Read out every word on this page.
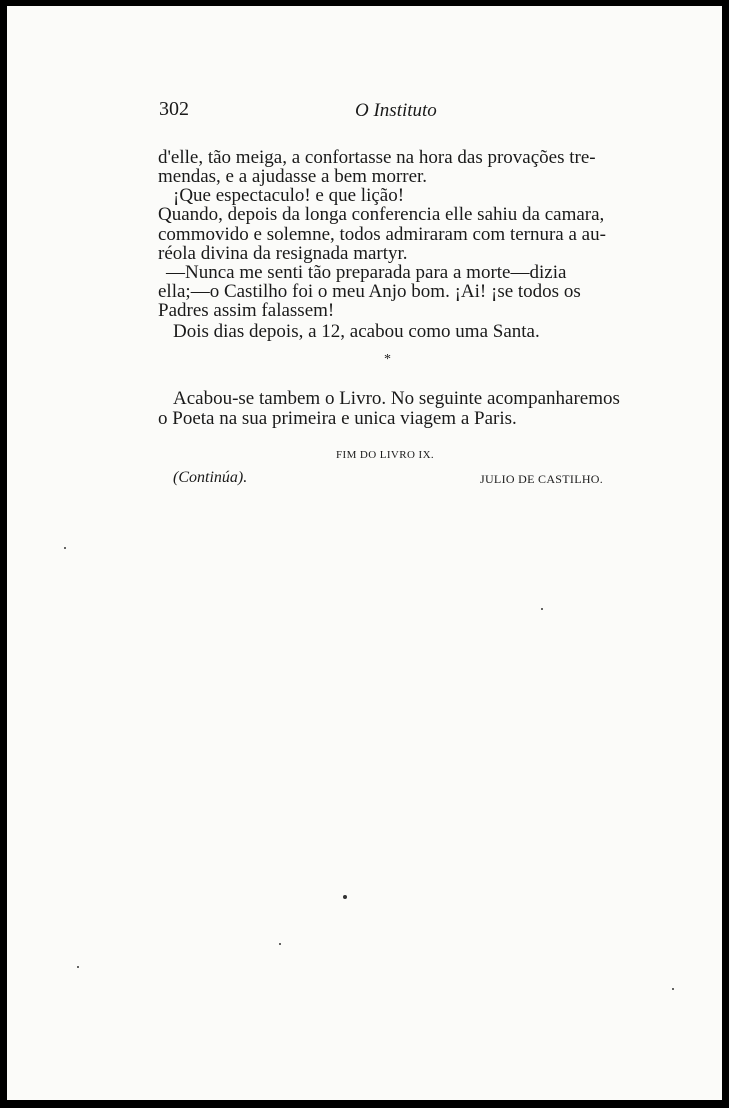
302	O Instituto
d'elle, tão meiga, a confortasse na hora das provações tre-
mendas, e a ajudasse a bem morrer.
¡Que espectaculo! e que lição!
Quando, depois da longa conferencia elle sahiu da camara,
commovido e solemne, todos admiraram com ternura a au-
réola divina da resignada martyr.
—Nunca me senti tão preparada para a morte—dizia
ella;—o Castilho foi o meu Anjo bom. ¡Ai! ¡se todos os
Padres assim falassem!
Dois dias depois, a 12, acabou como uma Santa.
*
Acabou-se tambem o Livro. No seguinte acompanharemos
o Poeta na sua primeira e unica viagem a Paris.
FIM DO LIVRO IX.
(Continúa).	JULIO DE CASTILHO.
